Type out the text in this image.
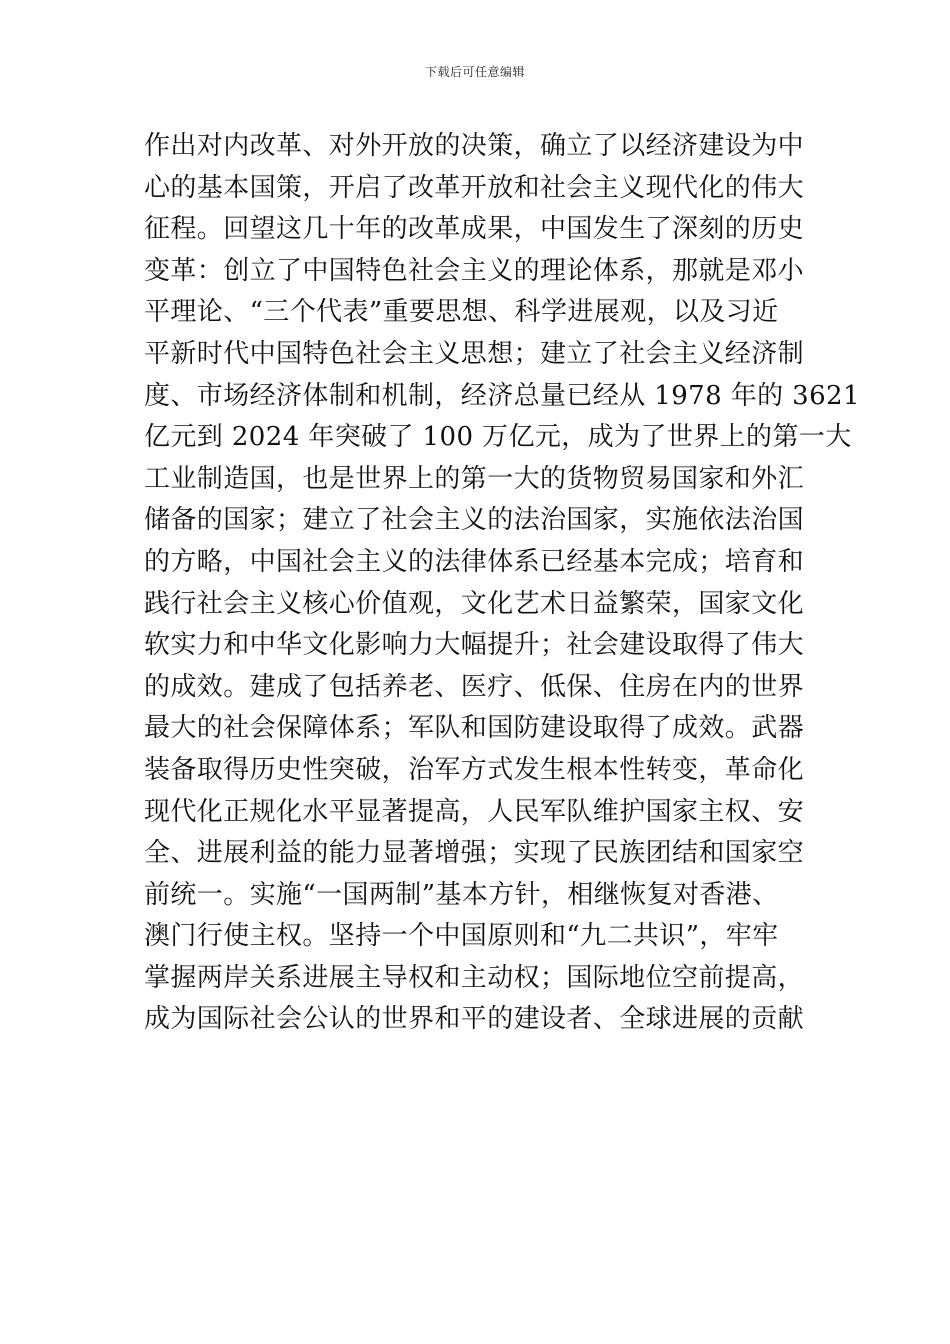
下载后可任意编辑
作出对内改革、对外开放的决策，确立了以经济建设为中
心的基本国策，开启了改革开放和社会主义现代化的伟大
征程。回望这几十年的改革成果，中国发生了深刻的历史
变革：创立了中国特色社会主义的理论体系，那就是邓小
平理论、“三个代表”重要思想、科学进展观，以及习近
平新时代中国特色社会主义思想；建立了社会主义经济制
度、市场经济体制和机制，经济总量已经从 1978 年的 3621
亿元到 2024 年突破了 100 万亿元，成为了世界上的第一大
工业制造国，也是世界上的第一大的货物贸易国家和外汇
储备的国家；建立了社会主义的法治国家，实施依法治国
的方略，中国社会主义的法律体系已经基本完成；培育和
践行社会主义核心价值观，文化艺术日益繁荣，国家文化
软实力和中华文化影响力大幅提升；社会建设取得了伟大
的成效。建成了包括养老、医疗、低保、住房在内的世界
最大的社会保障体系；军队和国防建设取得了成效。武器
装备取得历史性突破，治军方式发生根本性转变，革命化
现代化正规化水平显著提高，人民军队维护国家主权、安
全、进展利益的能力显著增强；实现了民族团结和国家空
前统一。实施“一国两制”基本方针，相继恢复对香港、
澳门行使主权。坚持一个中国原则和“九二共识”，牢牢
掌握两岸关系进展主导权和主动权；国际地位空前提高，
成为国际社会公认的世界和平的建设者、全球进展的贡献
